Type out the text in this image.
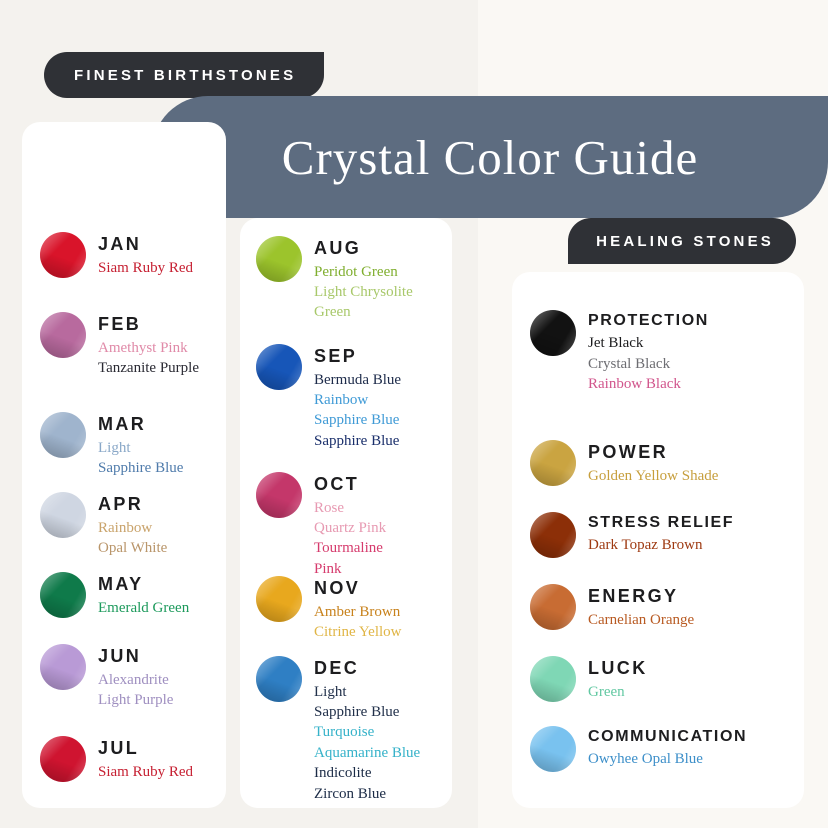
FINEST BIRTHSTONES
Crystal Color Guide
HEALING STONES
JAN
Siam Ruby Red
FEB
Amethyst Pink
Tanzanite Purple
MAR
Light
Sapphire Blue
APR
Rainbow
Opal White
MAY
Emerald Green
JUN
Alexandrite
Light Purple
JUL
Siam Ruby Red
AUG
Peridot Green
Light Chrysolite
Green
SEP
Bermuda Blue
Rainbow
Sapphire Blue
Sapphire Blue
OCT
Rose
Quartz Pink
Tourmaline
Pink
NOV
Amber Brown
Citrine Yellow
DEC
Light
Sapphire Blue
Turquoise
Aquamarine Blue
Indicolite
Zircon Blue
PROTECTION
Jet Black
Crystal Black
Rainbow Black
POWER
Golden Yellow Shade
STRESS RELIEF
Dark Topaz Brown
ENERGY
Carnelian Orange
LUCK
Green
COMMUNICATION
Owyhee Opal Blue
